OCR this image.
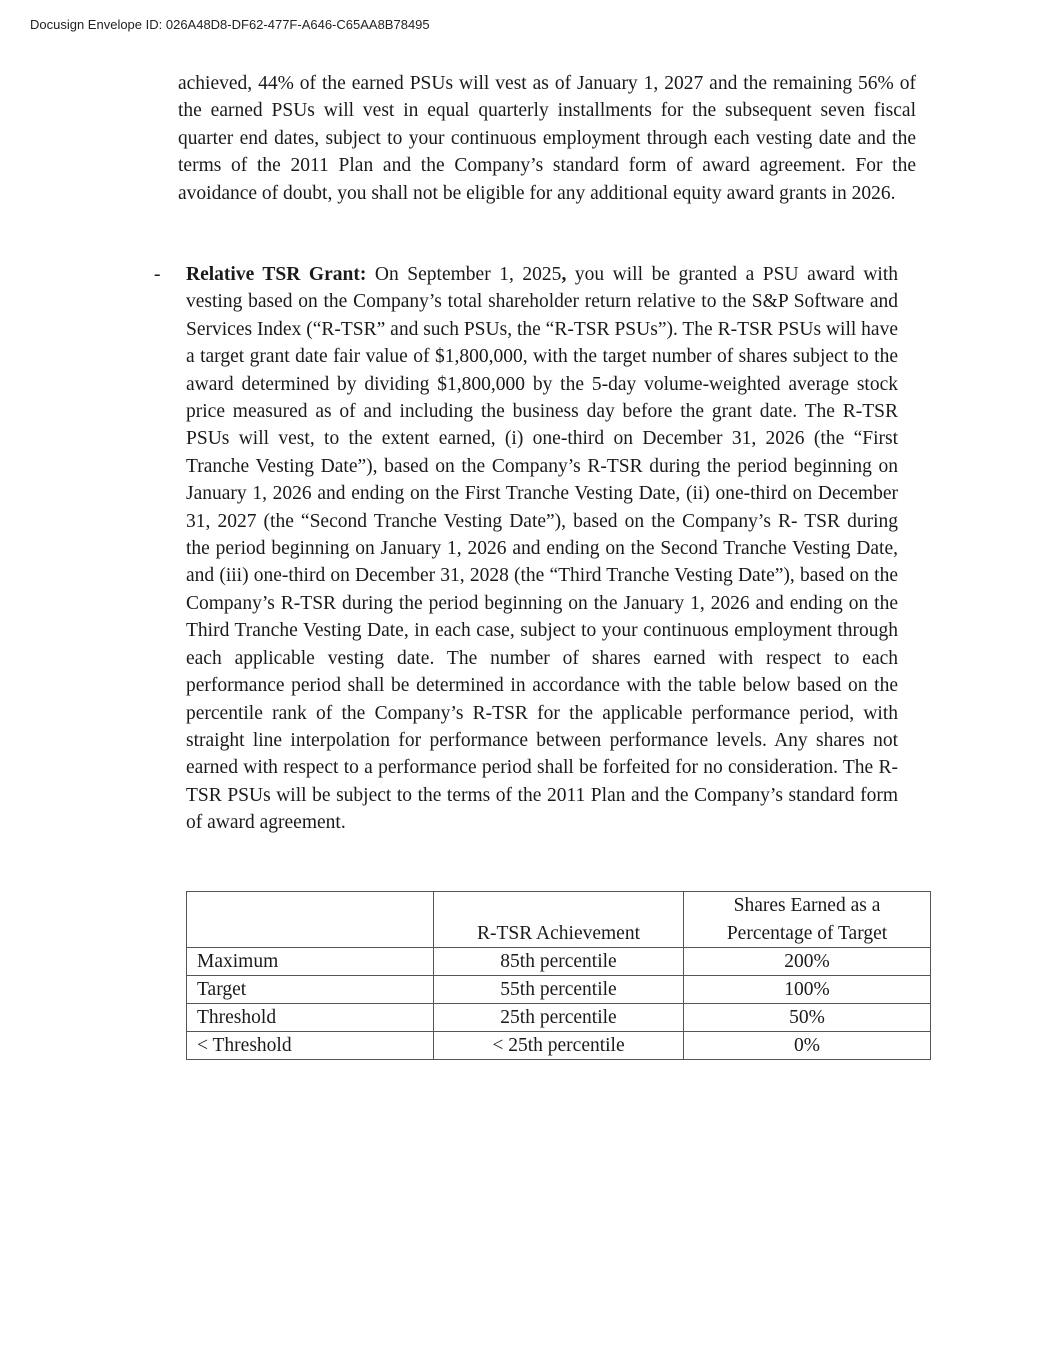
Docusign Envelope ID: 026A48D8-DF62-477F-A646-C65AA8B78495
achieved, 44% of the earned PSUs will vest as of January 1, 2027 and the remaining 56% of the earned PSUs will vest in equal quarterly installments for the subsequent seven fiscal quarter end dates, subject to your continuous employment through each vesting date and the terms of the 2011 Plan and the Company’s standard form of award agreement. For the avoidance of doubt, you shall not be eligible for any additional equity award grants in 2026.
- Relative TSR Grant: On September 1, 2025, you will be granted a PSU award with vesting based on the Company’s total shareholder return relative to the S&P Software and Services Index (“R-TSR” and such PSUs, the “R-TSR PSUs”). The R-TSR PSUs will have a target grant date fair value of $1,800,000, with the target number of shares subject to the award determined by dividing $1,800,000 by the 5-day volume-weighted average stock price measured as of and including the business day before the grant date. The R-TSR PSUs will vest, to the extent earned, (i) one-third on December 31, 2026 (the “First Tranche Vesting Date”), based on the Company’s R-TSR during the period beginning on January 1, 2026 and ending on the First Tranche Vesting Date, (ii) one-third on December 31, 2027 (the “Second Tranche Vesting Date”), based on the Company’s R- TSR during the period beginning on January 1, 2026 and ending on the Second Tranche Vesting Date, and (iii) one-third on December 31, 2028 (the “Third Tranche Vesting Date”), based on the Company’s R-TSR during the period beginning on the January 1, 2026 and ending on the Third Tranche Vesting Date, in each case, subject to your continuous employment through each applicable vesting date. The number of shares earned with respect to each performance period shall be determined in accordance with the table below based on the percentile rank of the Company’s R-TSR for the applicable performance period, with straight line interpolation for performance between performance levels. Any shares not earned with respect to a performance period shall be forfeited for no consideration. The R-TSR PSUs will be subject to the terms of the 2011 Plan and the Company’s standard form of award agreement.
	R-TSR Achievement	Shares Earned as a
Percentage of Target

Maximum	85th percentile	200%
Target	55th percentile	100%
Threshold	25th percentile	50%
< Threshold	< 25th percentile	0%
